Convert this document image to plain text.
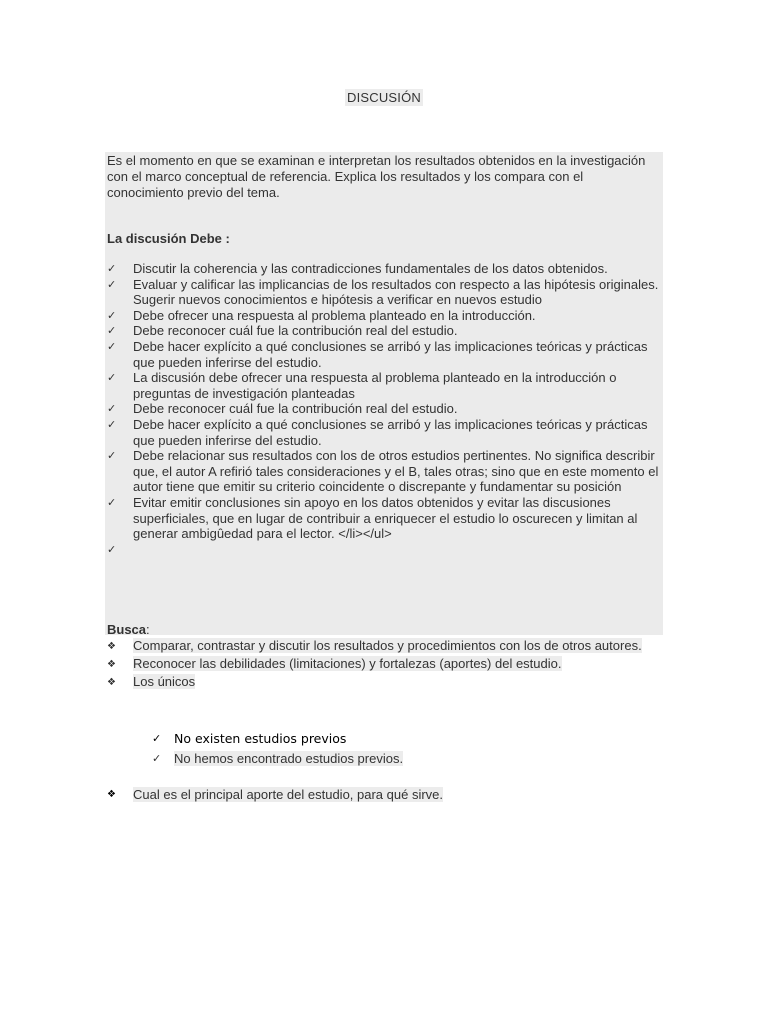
DISCUSIÓN
Es el momento en que se examinan e interpretan los resultados obtenidos en la investigación con el marco conceptual de referencia. Explica los resultados y los compara con el conocimiento previo del tema.
La discusión Debe :
✓ Discutir la coherencia y las contradicciones fundamentales de los datos obtenidos.
✓ Evaluar y calificar las implicancias de los resultados con respecto a las hipótesis originales. Sugerir nuevos conocimientos e hipótesis a verificar en nuevos estudio
✓ Debe ofrecer una respuesta al problema planteado en la introducción.
✓ Debe reconocer cuál fue la contribución real del estudio.
✓ Debe hacer explícito a qué conclusiones se arribó y las implicaciones teóricas y prácticas que pueden inferirse del estudio.
✓ La discusión debe ofrecer una respuesta al problema planteado en la introducción o preguntas de investigación planteadas
✓ Debe reconocer cuál fue la contribución real del estudio.
✓ Debe hacer explícito a qué conclusiones se arribó y las implicaciones teóricas y prácticas que pueden inferirse del estudio.
✓ Debe relacionar sus resultados con los de otros estudios pertinentes. No significa describir que, el autor A refirió tales consideraciones y el B, tales otras; sino que en este momento el autor tiene que emitir su criterio coincidente o discrepante y fundamentar su posición
✓ Evitar emitir conclusiones sin apoyo en los datos obtenidos y evitar las discusiones superficiales, que en lugar de contribuir a enriquecer el estudio lo oscurecen y limitan al generar ambigûedad para el lector. </li></ul>
✓
Busca:
❖ Comparar, contrastar y discutir los resultados y procedimientos con los de otros autores.
❖ Reconocer las debilidades (limitaciones) y fortalezas (aportes) del estudio.
❖ Los únicos
✓ No existen estudios previos
✓ No hemos encontrado estudios previos.
❖ Cual es el principal aporte del estudio, para qué sirve.
